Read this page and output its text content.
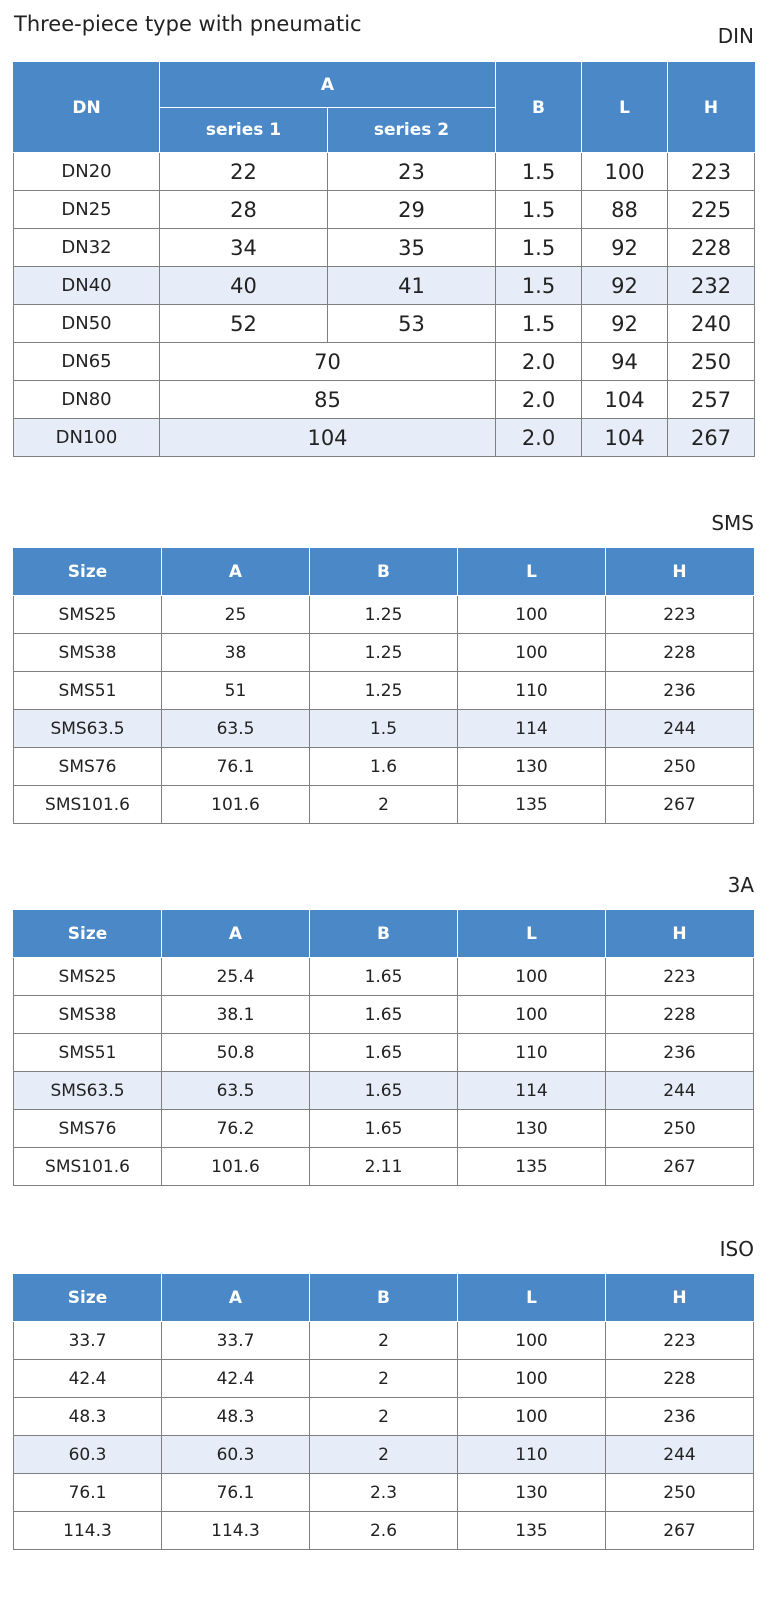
Three-piece type with pneumatic	DIN
DN	A		B	L	H
	series 1	series 2			
DN20	22	23	1.5	100	223
DN25	28	29	1.5	88	225
DN32	34	35	1.5	92	228
DN40	40	41	1.5	92	232
DN50	52	53	1.5	92	240
DN65	70		2.0	94	250
DN80	85		2.0	104	257
DN100	104		2.0	104	267
SMS
Size	A	B	L	H
SMS25	25	1.25	100	223
SMS38	38	1.25	100	228
SMS51	51	1.25	110	236
SMS63.5	63.5	1.5	114	244
SMS76	76.1	1.6	130	250
SMS101.6	101.6	2	135	267
3A
Size	A	B	L	H
SMS25	25.4	1.65	100	223
SMS38	38.1	1.65	100	228
SMS51	50.8	1.65	110	236
SMS63.5	63.5	1.65	114	244
SMS76	76.2	1.65	130	250
SMS101.6	101.6	2.11	135	267
ISO
Size	A	B	L	H
33.7	33.7	2	100	223
42.4	42.4	2	100	228
48.3	48.3	2	100	236
60.3	60.3	2	110	244
76.1	76.1	2.3	130	250
114.3	114.3	2.6	135	267
